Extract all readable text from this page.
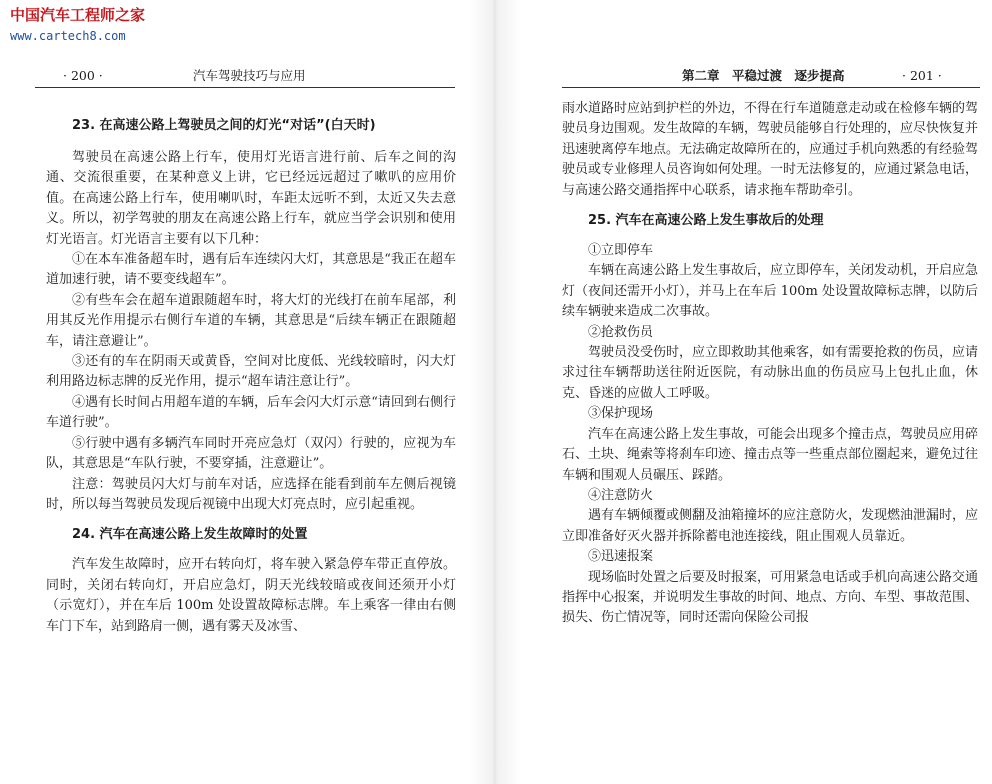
中国汽车工程师之家
www.cartech8.com
· 200 ·	汽车驾驶技巧与应用
23. 在高速公路上驾驶员之间的灯光“对话”(白天时)

驾驶员在高速公路上行车，使用灯光语言进行前、后车之间的沟通、交流很重要，在某种意义上讲，它已经远远超过了嗽叭的应用价值。在高速公路上行车，使用喇叭时，车距太远听不到，太近又失去意义。所以，初学驾驶的朋友在高速公路上行车，就应当学会识别和使用灯光语言。灯光语言主要有以下几种：

①在本车准备超车时，遇有后车连续闪大灯，其意思是“我正在超车道加速行驶，请不要变线超车”。

②有些车会在超车道跟随超车时，将大灯的光线打在前车尾部，利用其反光作用提示右侧行车道的车辆，其意思是“后续车辆正在跟随超车，请注意避让”。

③还有的车在阴雨天或黄昏，空间对比度低、光线较暗时，闪大灯利用路边标志牌的反光作用，提示“超车请注意让行”。

④遇有长时间占用超车道的车辆，后车会闪大灯示意“请回到右侧行车道行驶”。

⑤行驶中遇有多辆汽车同时开亮应急灯（双闪）行驶的，应视为车队，其意思是“车队行驶，不要穿插，注意避让”。

注意：驾驶员闪大灯与前车对话，应选择在能看到前车左侧后视镜时，所以每当驾驶员发现后视镜中出现大灯亮点时，应引起重视。

24. 汽车在高速公路上发生故障时的处置

汽车发生故障时，应开右转向灯，将车驶入紧急停车带正直停放。同时，关闭右转向灯，开启应急灯，阴天光线较暗或夜间还须开小灯（示宽灯），并在车后 100m 处设置故障标志牌。车上乘客一律由右侧车门下车，站到路肩一侧，遇有雾天及冰雪、

第二章　平稳过渡　逐步提高	· 201 ·

雨水道路时应站到护栏的外边，不得在行车道随意走动或在检修车辆的驾驶员身边围观。发生故障的车辆，驾驶员能够自行处理的，应尽快恢复并迅速驶离停车地点。无法确定故障所在的，应通过手机向熟悉的有经验驾驶员或专业修理人员咨询如何处理。一时无法修复的，应通过紧急电话，与高速公路交通指挥中心联系，请求拖车帮助牵引。

25. 汽车在高速公路上发生事故后的处理

①立即停车

车辆在高速公路上发生事故后，应立即停车，关闭发动机，开启应急灯（夜间还需开小灯），并马上在车后 100m 处设置故障标志牌，以防后续车辆驶来造成二次事故。

②抢救伤员

驾驶员没受伤时，应立即救助其他乘客，如有需要抢救的伤员，应请求过往车辆帮助送往附近医院，有动脉出血的伤员应马上包扎止血，休克、昏迷的应做人工呼吸。

③保护现场

汽车在高速公路上发生事故，可能会出现多个撞击点，驾驶员应用碎石、土块、绳索等将刹车印迹、撞击点等一些重点部位圈起来，避免过往车辆和围观人员碾压、踩踏。

④注意防火

遇有车辆倾覆或侧翻及油箱撞坏的应注意防火，发现燃油泄漏时，应立即准备好灭火器并拆除蓄电池连接线，阻止围观人员靠近。

⑤迅速报案

现场临时处置之后要及时报案，可用紧急电话或手机向高速公路交通指挥中心报案，并说明发生事故的时间、地点、方向、车型、事故范围、损失、伤亡情况等，同时还需向保险公司报
